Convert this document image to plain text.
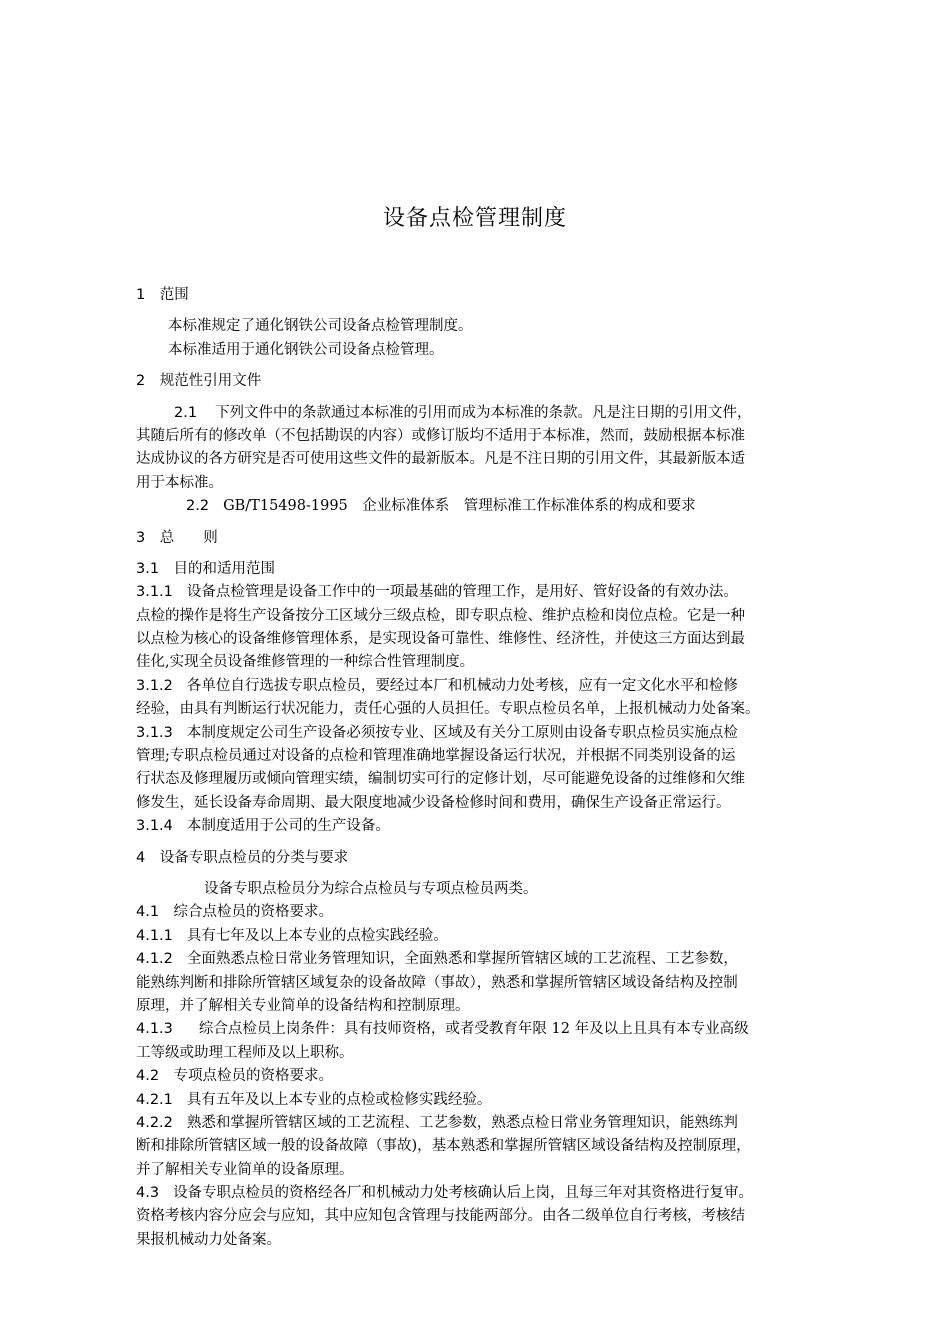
设备点检管理制度
1　范围
本标准规定了通化钢铁公司设备点检管理制度。
本标准适用于通化钢铁公司设备点检管理。
2　规范性引用文件
2.1 下列文件中的条款通过本标准的引用而成为本标准的条款。凡是注日期的引用文件，
其随后所有的修改单（不包括勘误的内容）或修订版均不适用于本标准，然而，鼓励根据本标准
达成协议的各方研究是否可使用这些文件的最新版本。凡是不注日期的引用文件，其最新版本适
用于本标准。
2.2 GB/T15498-1995　企业标准体系　管理标准工作标准体系的构成和要求
3　总　　则
3.1　目的和适用范围
3.1.1 设备点检管理是设备工作中的一项最基础的管理工作，是用好、管好设备的有效办法。
点检的操作是将生产设备按分工区域分三级点检，即专职点检、维护点检和岗位点检。它是一种
以点检为核心的设备维修管理体系，是实现设备可靠性、维修性、经济性，并使这三方面达到最
佳化,实现全员设备维修管理的一种综合性管理制度。
3.1.2 各单位自行选拔专职点检员，要经过本厂和机械动力处考核，应有一定文化水平和检修
经验，由具有判断运行状况能力，责任心强的人员担任。专职点检员名单，上报机械动力处备案。
3.1.3 本制度规定公司生产设备必须按专业、区域及有关分工原则由设备专职点检员实施点检
管理;专职点检员通过对设备的点检和管理准确地掌握设备运行状况，并根据不同类别设备的运
行状态及修理履历或倾向管理实绩，编制切实可行的定修计划，尽可能避免设备的过维修和欠维
修发生，延长设备寿命周期、最大限度地减少设备检修时间和费用，确保生产设备正常运行。
3.1.4 本制度适用于公司的生产设备。
4　设备专职点检员的分类与要求
设备专职点检员分为综合点检员与专项点检员两类。
4.1　综合点检员的资格要求。
4.1.1 具有七年及以上本专业的点检实践经验。
4.1.2 全面熟悉点检日常业务管理知识，全面熟悉和掌握所管辖区域的工艺流程、工艺参数，
能熟练判断和排除所管辖区域复杂的设备故障（事故），熟悉和掌握所管辖区域设备结构及控制
原理，并了解相关专业简单的设备结构和控制原理。
4.1.3 综合点检员上岗条件：具有技师资格，或者受教育年限 12 年及以上且具有本专业高级
工等级或助理工程师及以上职称。
4.2　专项点检员的资格要求。
4.2.1 具有五年及以上本专业的点检或检修实践经验。
4.2.2 熟悉和掌握所管辖区域的工艺流程、工艺参数，熟悉点检日常业务管理知识，能熟练判
断和排除所管辖区域一般的设备故障（事故)，基本熟悉和掌握所管辖区域设备结构及控制原理，
并了解相关专业简单的设备原理。
4.3 设备专职点检员的资格经各厂和机械动力处考核确认后上岗，且每三年对其资格进行复审。
资格考核内容分应会与应知，其中应知包含管理与技能两部分。由各二级单位自行考核，考核结
果报机械动力处备案。
